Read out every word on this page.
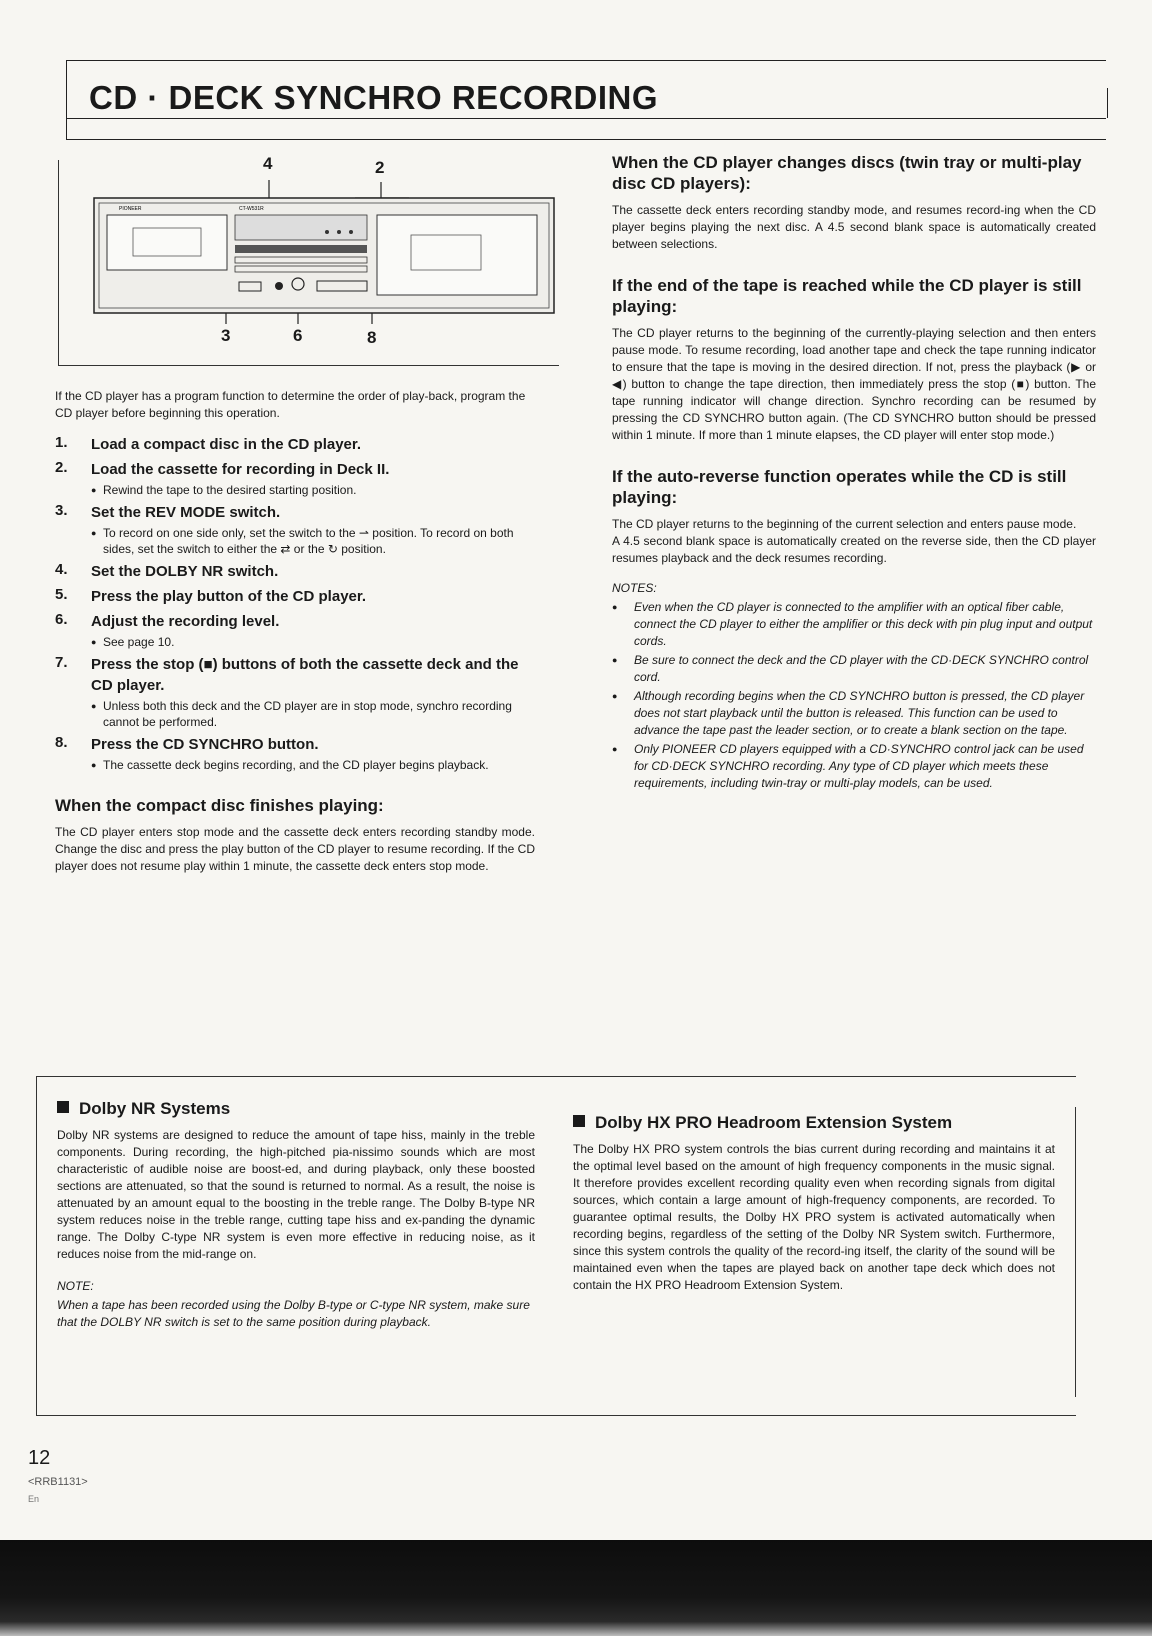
CD · DECK SYNCHRO RECORDING
PIONEER	CT-W531R
4	2
3	6	8

If the CD player has a program function to determine the order of play-back, program the CD player before beginning this operation.

1. Load a compact disc in the CD player.
2. Load the cassette for recording in Deck II.
● Rewind the tape to the desired starting position.
3. Set the REV MODE switch.
● To record on one side only, set the switch to the ⇀ position. To record on both sides, set the switch to either the ⇄ or the ↻ position.
4. Set the DOLBY NR switch.
5. Press the play button of the CD player.
6. Adjust the recording level.
● See page 10.
7. Press the stop (■) buttons of both the cassette deck and the CD player.
● Unless both this deck and the CD player are in stop mode, synchro recording cannot be performed.
8. Press the CD SYNCHRO button.
● The cassette deck begins recording, and the CD player begins playback.
When the compact disc finishes playing:

The CD player enters stop mode and the cassette deck enters recording standby mode. Change the disc and press the play button of the CD player to resume recording. If the CD player does not resume play within 1 minute, the cassette deck enters stop mode.

When the CD player changes discs (twin tray or multi-play disc CD players):

The cassette deck enters recording standby mode, and resumes record-ing when the CD player begins playing the next disc. A 4.5 second blank space is automatically created between selections.

If the end of the tape is reached while the CD player is still playing:

The CD player returns to the beginning of the currently-playing selection and then enters pause mode. To resume recording, load another tape and check the tape running indicator to ensure that the tape is moving in the desired direction. If not, press the playback (▶ or ◀) button to change the tape direction, then immediately press the stop (■) button. The tape running indicator will change direction. Synchro recording can be resumed by pressing the CD SYNCHRO button again. (The CD SYNCHRO button should be pressed within 1 minute. If more than 1 minute elapses, the CD player will enter stop mode.)

If the auto-reverse function operates while the CD is still playing:

The CD player returns to the beginning of the current selection and enters pause mode.

A 4.5 second blank space is automatically created on the reverse side, then the CD player resumes playback and the deck resumes recording.

NOTES:
● Even when the CD player is connected to the amplifier with an optical fiber cable, connect the CD player to either the amplifier or this deck with pin plug input and output cords.
● Be sure to connect the deck and the CD player with the CD·DECK SYNCHRO control cord.
● Although recording begins when the CD SYNCHRO button is pressed, the CD player does not start playback until the button is released. This function can be used to advance the tape past the leader section, or to create a blank section on the tape.
● Only PIONEER CD players equipped with a CD·SYNCHRO control jack can be used for CD·DECK SYNCHRO recording. Any type of CD player which meets these requirements, including twin-tray or multi-play models, can be used.
Dolby NR Systems

Dolby NR systems are designed to reduce the amount of tape hiss, mainly in the treble components. During recording, the high-pitched pia-nissimo sounds which are most characteristic of audible noise are boost-ed, and during playback, only these boosted sections are attenuated, so that the sound is returned to normal. As a result, the noise is attenuated by an amount equal to the boosting in the treble range. The Dolby B-type NR system reduces noise in the treble range, cutting tape hiss and ex-panding the dynamic range. The Dolby C-type NR system is even more effective in reducing noise, as it reduces noise from the mid-range on.

NOTE:

When a tape has been recorded using the Dolby B-type or C-type NR system, make sure that the DOLBY NR switch is set to the same position during playback.

Dolby HX PRO Headroom Extension System

The Dolby HX PRO system controls the bias current during recording and maintains it at the optimal level based on the amount of high frequency components in the music signal. It therefore provides excellent recording quality even when recording signals from digital sources, which contain a large amount of high-frequency components, are recorded. To guarantee optimal results, the Dolby HX PRO system is activated automatically when recording begins, regardless of the setting of the Dolby NR System switch. Furthermore, since this system controls the quality of the record-ing itself, the clarity of the sound will be maintained even when the tapes are played back on another tape deck which does not contain the HX PRO Headroom Extension System.

12
<RRB1131>
En
